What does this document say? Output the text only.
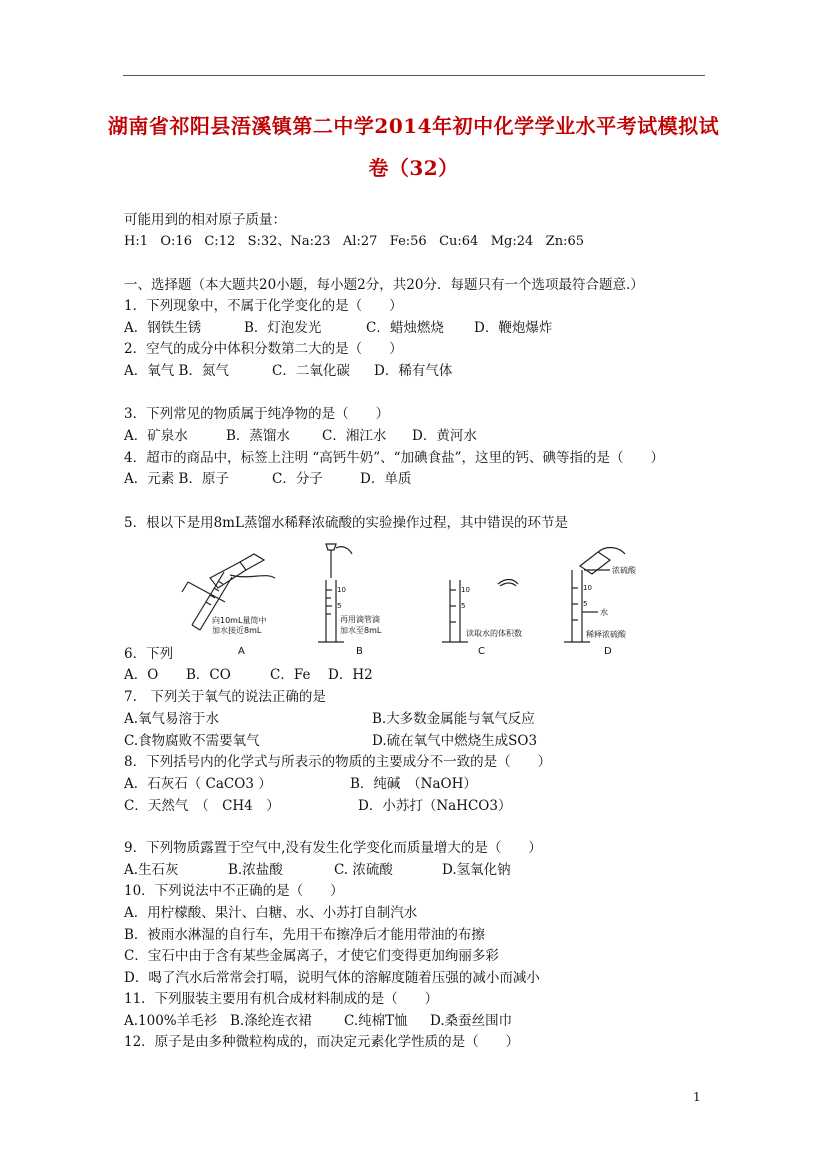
湖南省祁阳县浯溪镇第二中学2014年初中化学学业水平考试模拟试
卷（32）
可能用到的相对原子质量：
H:1   O:16   C:12   S:32、Na:23   Al:27   Fe:56   Cu:64   Mg:24   Zn:65
一、选择题（本大题共20小题，每小题2分，共20分．每题只有一个选项最符合题意.）
1．下列现象中，不属于化学变化的是（　　）
A．钢铁生锈	B．灯泡发光	C．蜡烛燃烧 D．鞭炮爆炸
2．空气的成分中体积分数第二大的是（　　）
A．氧气 B．氮气	C．二氧化碳 D．稀有气体
3．下列常见的物质属于纯净物的是（　　）
A．矿泉水	B．蒸馏水 C．湘江水 D．黄河水
4．超市的商品中，标签上注明 “高钙牛奶”、“加碘食盐”，这里的钙、碘等指的是（　　）
A．元素 B．原子	C．分子	D．单质
5．根以下是用8mL蒸馏水稀释浓硫酸的实验操作过程，其中错误的环节是
向10mL量筒中
加水接近8mL
再用滴管滴
加水至8mL	读取水的体积数	稀释浓硫酸
浓硫酸
水
10
5
10
5
10
5
A	B	C	D
6．下列
A．O B．CO	C．Fe D．H2
7.　下列关于氧气的说法正确的是
A.氧气易溶于水	B.大多数金属能与氧气反应
C.食物腐败不需要氧气	D.硫在氧气中燃烧生成SO3
8．下列括号内的化学式与所表示的物质的主要成分不一致的是（　　）
A．石灰石（ CaCO3 ）	B．纯碱　（NaOH）
C．天然气　（　CH4　）	D．小苏打（NaHCO3）
9．下列物质露置于空气中,没有发生化学变化而质量增大的是（　　）
A.生石灰	B.浓盐酸	C. 浓硫酸	D.氢氧化钠
10．下列说法中不正确的是（　　）
A．用柠檬酸、果汁、白糖、水、小苏打自制汽水
B．被雨水淋湿的自行车，先用干布擦净后才能用带油的布擦
C．宝石中由于含有某些金属离子，才使它们变得更加绚丽多彩
D．喝了汽水后常常会打嗝，说明气体的溶解度随着压强的减小而减小
11．下列服装主要用有机合成材料制成的是（　　）
A.100%羊毛衫 B.涤纶连衣裙 C.纯棉T恤 D.桑蚕丝围巾
12．原子是由多种微粒构成的，而决定元素化学性质的是（　　）
1
